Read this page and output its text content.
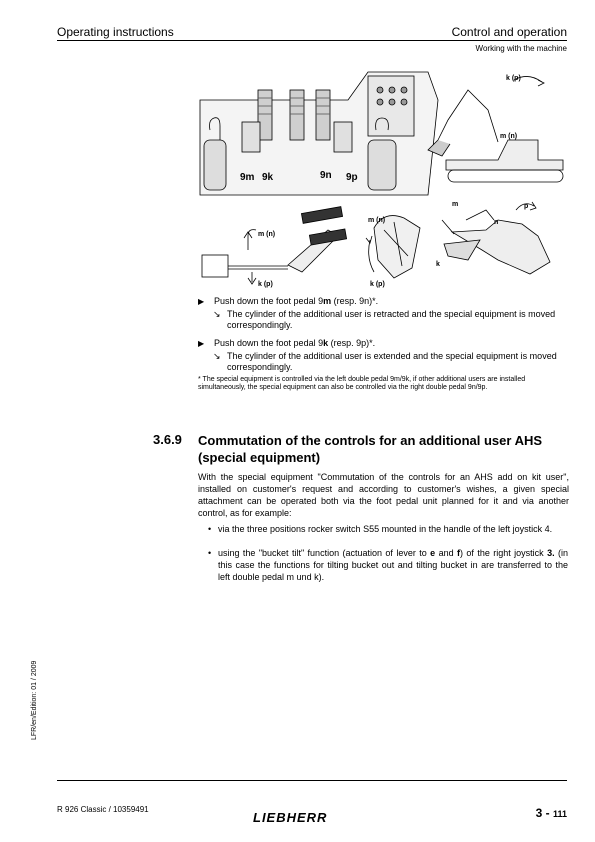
Operating instructions	Control and operation
Working with the machine
9m 9k	9n 9p
k (p)
m (n)
m (n)
k (p)
m (n)
k (p)
m
n
p
k
▶ Push down the foot pedal 9m (resp. 9n)*.
↘ The cylinder of the additional user is retracted and the special equipment is moved correspondingly.
▶ Push down the foot pedal 9k (resp. 9p)*.
↘ The cylinder of the additional user is extended and the special equipment is moved correspondingly.
* The special equipment is controlled via the left double pedal 9m/9k, if other additional users are installed simultaneously, the special equipment can also be controlled via the right double pedal 9n/9p.
3.6.9 Commutation of the controls for an additional user AHS (special equipment)
With the special equipment "Commutation of the controls for an AHS add on kit user", installed on customer's request and according to customer's wishes, a given special attachment can be operated both via the foot pedal unit planned for it and via another control, as for example:
• via the three positions rocker switch S55 mounted in the handle of the left joystick 4.
• using the "bucket tilt" function (actuation of lever to e and f) of the right joystick 3. (in this case the functions for tilting bucket out and tilting bucket in are transferred to the left double pedal m und k).
LFR/en/Edition: 01 / 2009
R 926 Classic / 10359491
LIEBHERR	3 - 111
